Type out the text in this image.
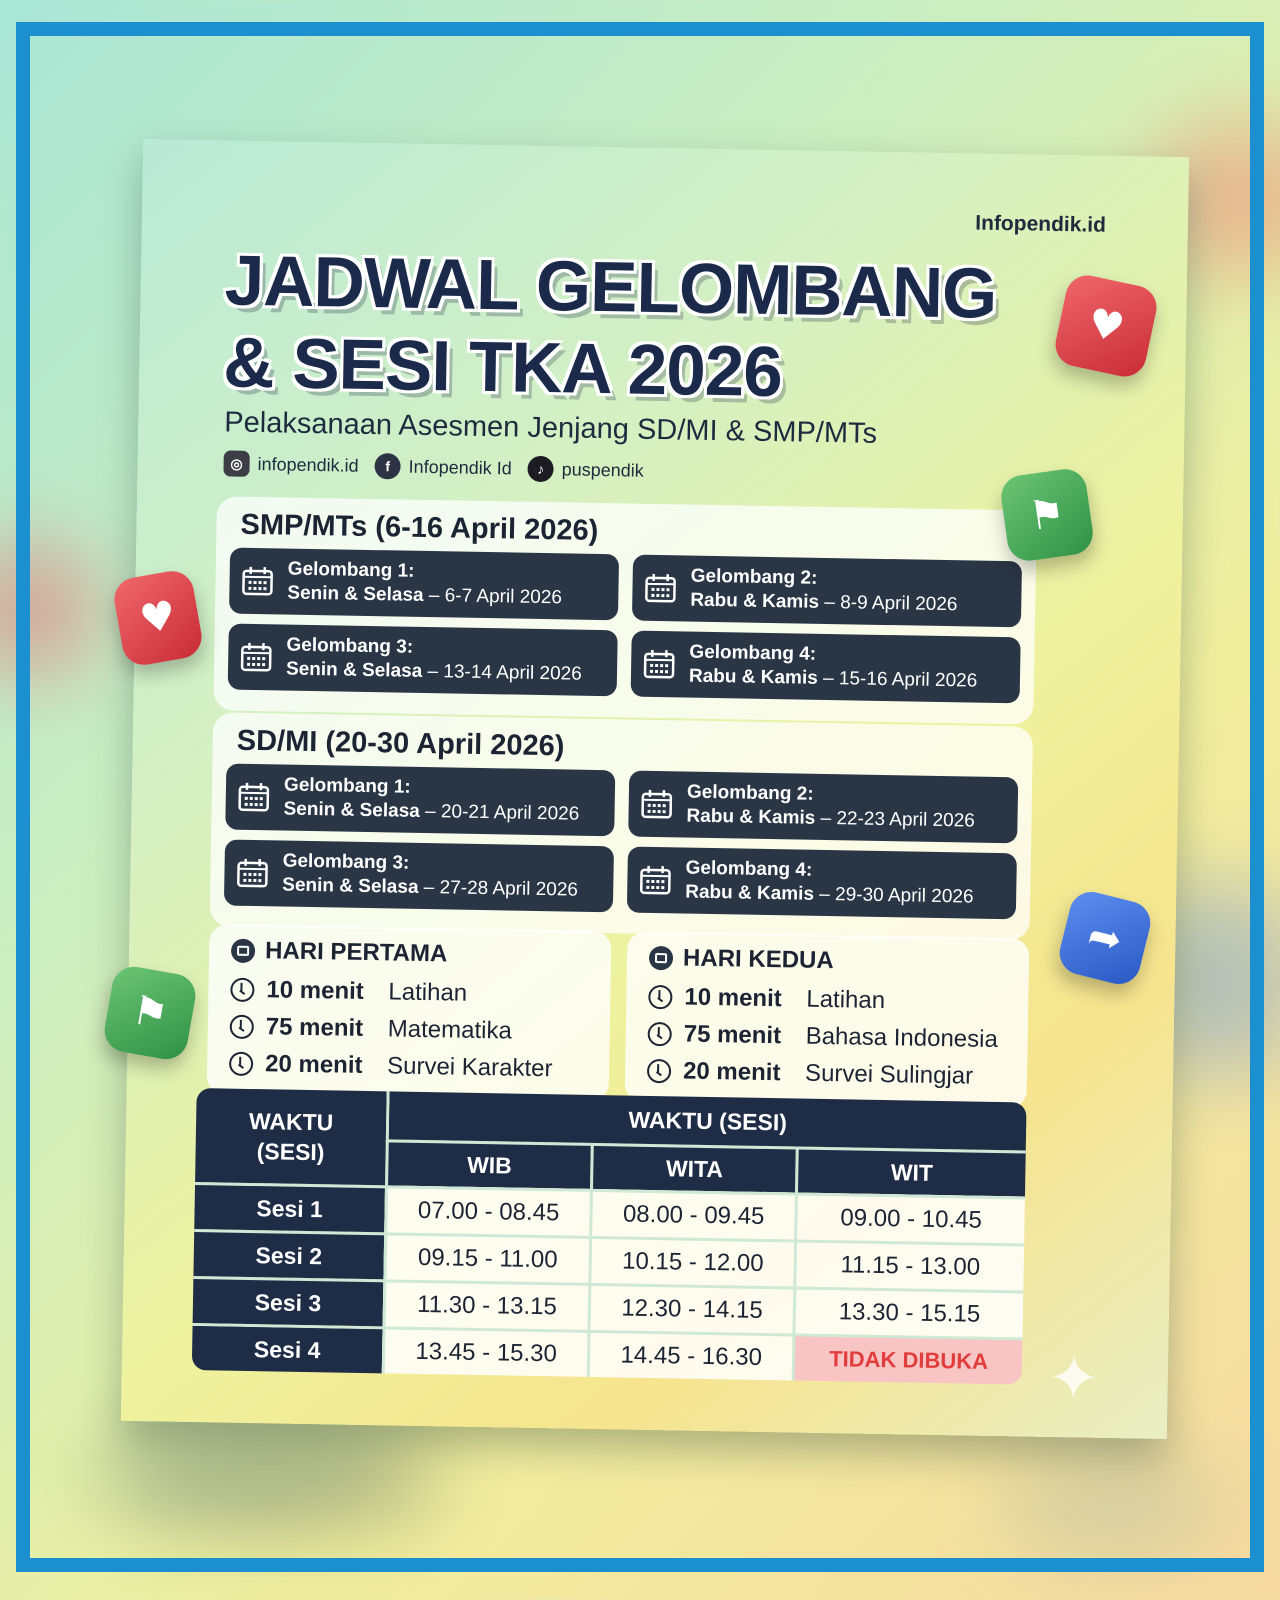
Infopendik.id
JADWAL GELOMBANG
& SESI TKA 2026
Pelaksanaan Asesmen Jenjang SD/MI & SMP/MTs
◎ infopendik.id	f	Infopendik Id	♪ puspendik
SMP/MTs (6-16 April 2026)
Gelombang 1:
Senin & Selasa – 6-7 April 2026
Gelombang 2:
Rabu & Kamis – 8-9 April 2026
Gelombang 3:
Senin & Selasa – 13-14 April 2026
Gelombang 4:
Rabu & Kamis – 15-16 April 2026
SD/MI (20-30 April 2026)
Gelombang 1:
Senin & Selasa – 20-21 April 2026
Gelombang 2:
Rabu & Kamis – 22-23 April 2026
Gelombang 3:
Senin & Selasa – 27-28 April 2026
Gelombang 4:
Rabu & Kamis – 29-30 April 2026
HARI PERTAMA
10 menit	Latihan
75 menit	Matematika
20 menit	Survei Karakter
HARI KEDUA
10 menit	Latihan
75 menit	Bahasa Indonesia
20 menit	Survei Sulingjar
WAKTU
(SESI)	WAKTU (SESI)		
	WIB	WITA	WIT
Sesi 1	07.00 - 08.45	08.00 - 09.45	09.00 - 10.45
Sesi 2	09.15 - 11.00	10.15 - 12.00	11.15 - 13.00
Sesi 3	11.30 - 13.15	12.30 - 14.15	13.30 - 15.15
Sesi 4	13.45 - 15.30	14.45 - 16.30	TIDAK DIBUKA ✦
♥
⚑
♥
⚑
➦
